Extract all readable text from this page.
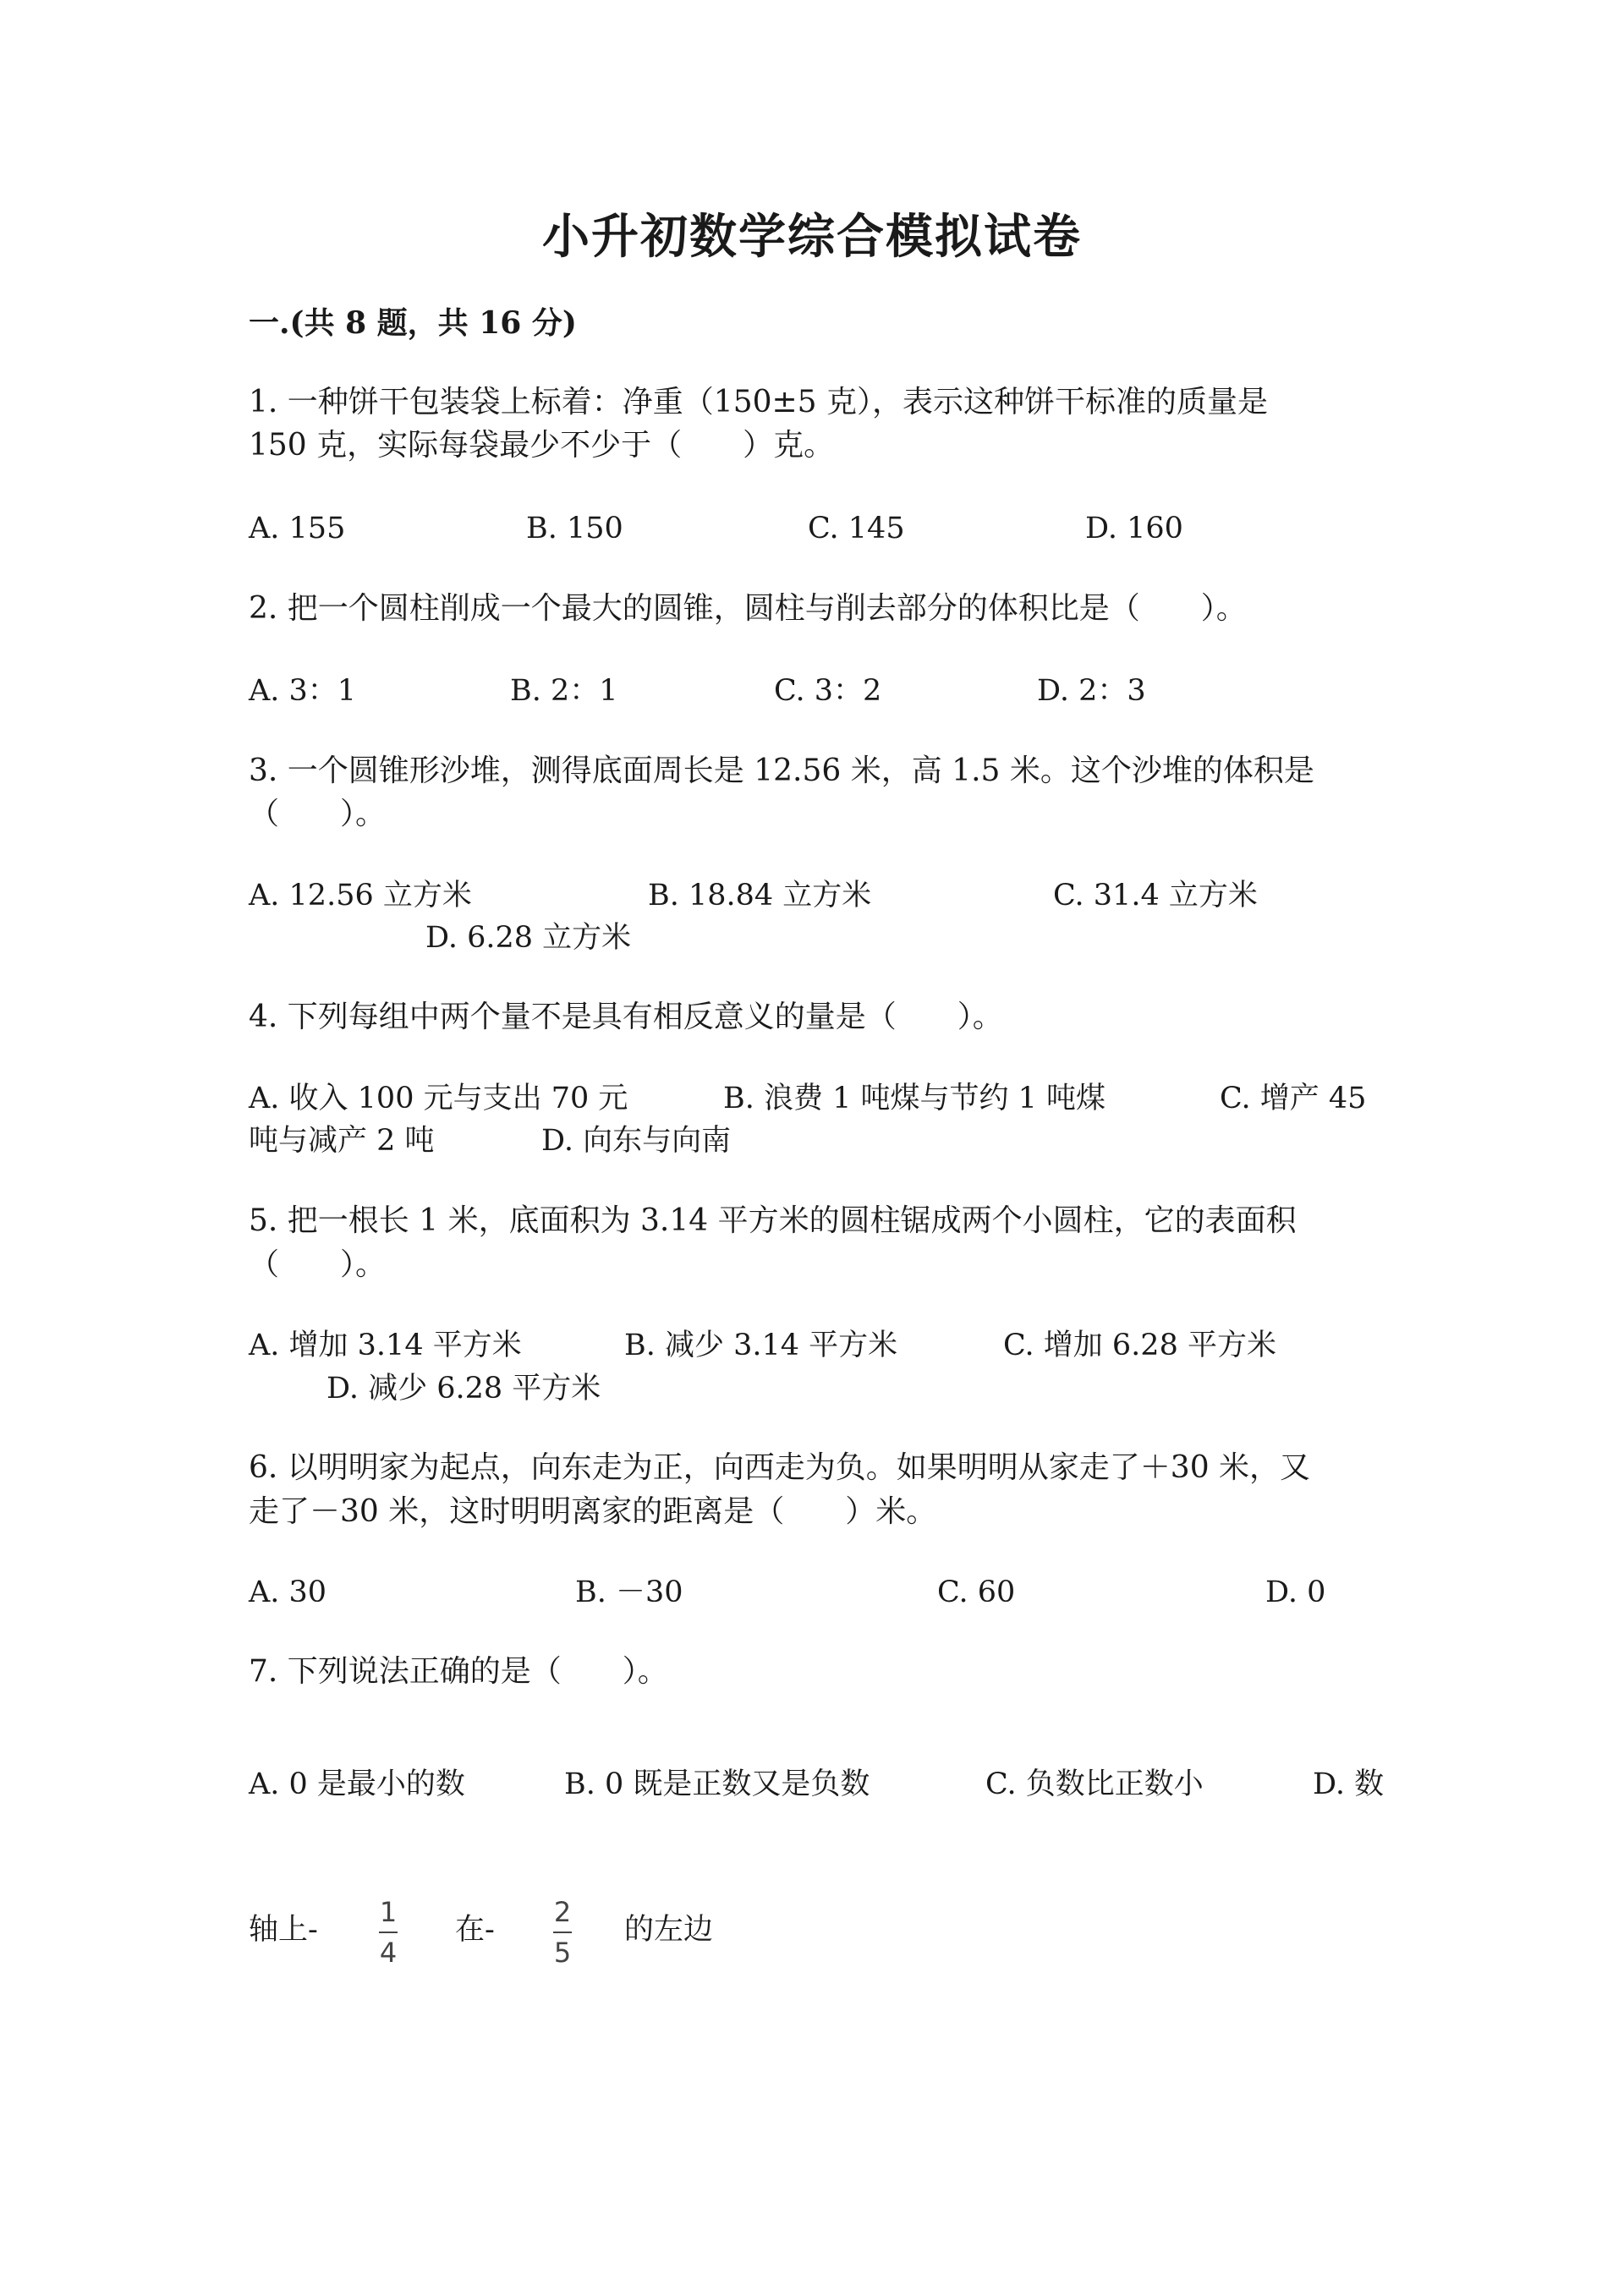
小升初数学综合模拟试卷
一.(共 8 题，共 16 分)
1. 一种饼干包装袋上标着：净重（150±5 克），表示这种饼干标准的质量是
150 克，实际每袋最少不少于（　　）克。
A. 155	B. 150	C. 145	D. 160
2. 把一个圆柱削成一个最大的圆锥，圆柱与削去部分的体积比是（　　）。
A. 3：1	B. 2：1	C. 3：2	D. 2：3
3. 一个圆锥形沙堆，测得底面周长是 12.56 米，高 1.5 米。这个沙堆的体积是
（　　）。
A. 12.56 立方米	B. 18.84 立方米	C. 31.4 立方米
D. 6.28 立方米
4. 下列每组中两个量不是具有相反意义的量是（　　）。
A. 收入 100 元与支出 70 元	B. 浪费 1 吨煤与节约 1 吨煤	C. 增产 45
吨与减产 2 吨	D. 向东与向南
5. 把一根长 1 米，底面积为 3.14 平方米的圆柱锯成两个小圆柱，它的表面积
（　　）。
A. 增加 3.14 平方米	B. 减少 3.14 平方米	C. 增加 6.28 平方米
D. 减少 6.28 平方米
6. 以明明家为起点，向东走为正，向西走为负。如果明明从家走了＋30 米，又
走了－30 米，这时明明离家的距离是（　　）米。
A. 30	B. －30	C. 60	D. 0
7. 下列说法正确的是（　　）。
A. 0 是最小的数	B. 0 既是正数又是负数	C. 负数比正数小	D. 数
轴上-
1
4
在-
2
5
的左边
